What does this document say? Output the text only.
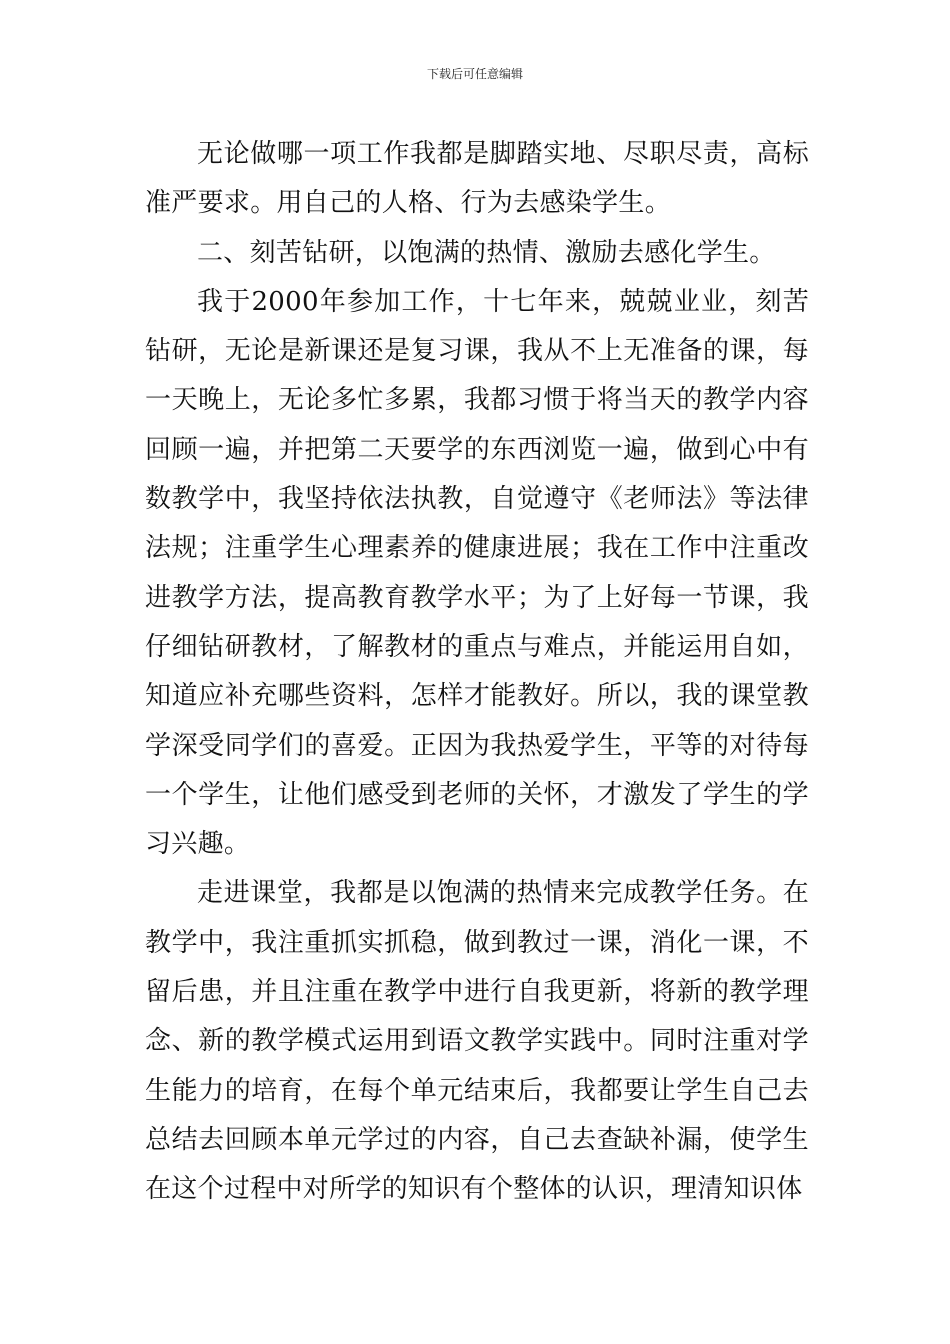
下载后可任意编辑

无论做哪一项工作我都是脚踏实地、尽职尽责，高标准严要求。用自己的人格、行为去感染学生。

二、刻苦钻研，以饱满的热情、激励去感化学生。

我于2000年参加工作，十七年来，兢兢业业，刻苦钻研，无论是新课还是复习课，我从不上无准备的课，每一天晚上，无论多忙多累，我都习惯于将当天的教学内容回顾一遍，并把第二天要学的东西浏览一遍，做到心中有数教学中，我坚持依法执教，自觉遵守《老师法》等法律法规；注重学生心理素养的健康进展；我在工作中注重改进教学方法，提高教育教学水平；为了上好每一节课，我仔细钻研教材，了解教材的重点与难点，并能运用自如，知道应补充哪些资料，怎样才能教好。所以，我的课堂教学深受同学们的喜爱。正因为我热爱学生，平等的对待每一个学生，让他们感受到老师的关怀，才激发了学生的学习兴趣。

走进课堂，我都是以饱满的热情来完成教学任务。在教学中，我注重抓实抓稳，做到教过一课，消化一课，不留后患，并且注重在教学中进行自我更新，将新的教学理念、新的教学模式运用到语文教学实践中。同时注重对学生能力的培育，在每个单元结束后，我都要让学生自己去总结去回顾本单元学过的内容，自己去查缺补漏，使学生在这个过程中对所学的知识有个整体的认识，理清知识体
